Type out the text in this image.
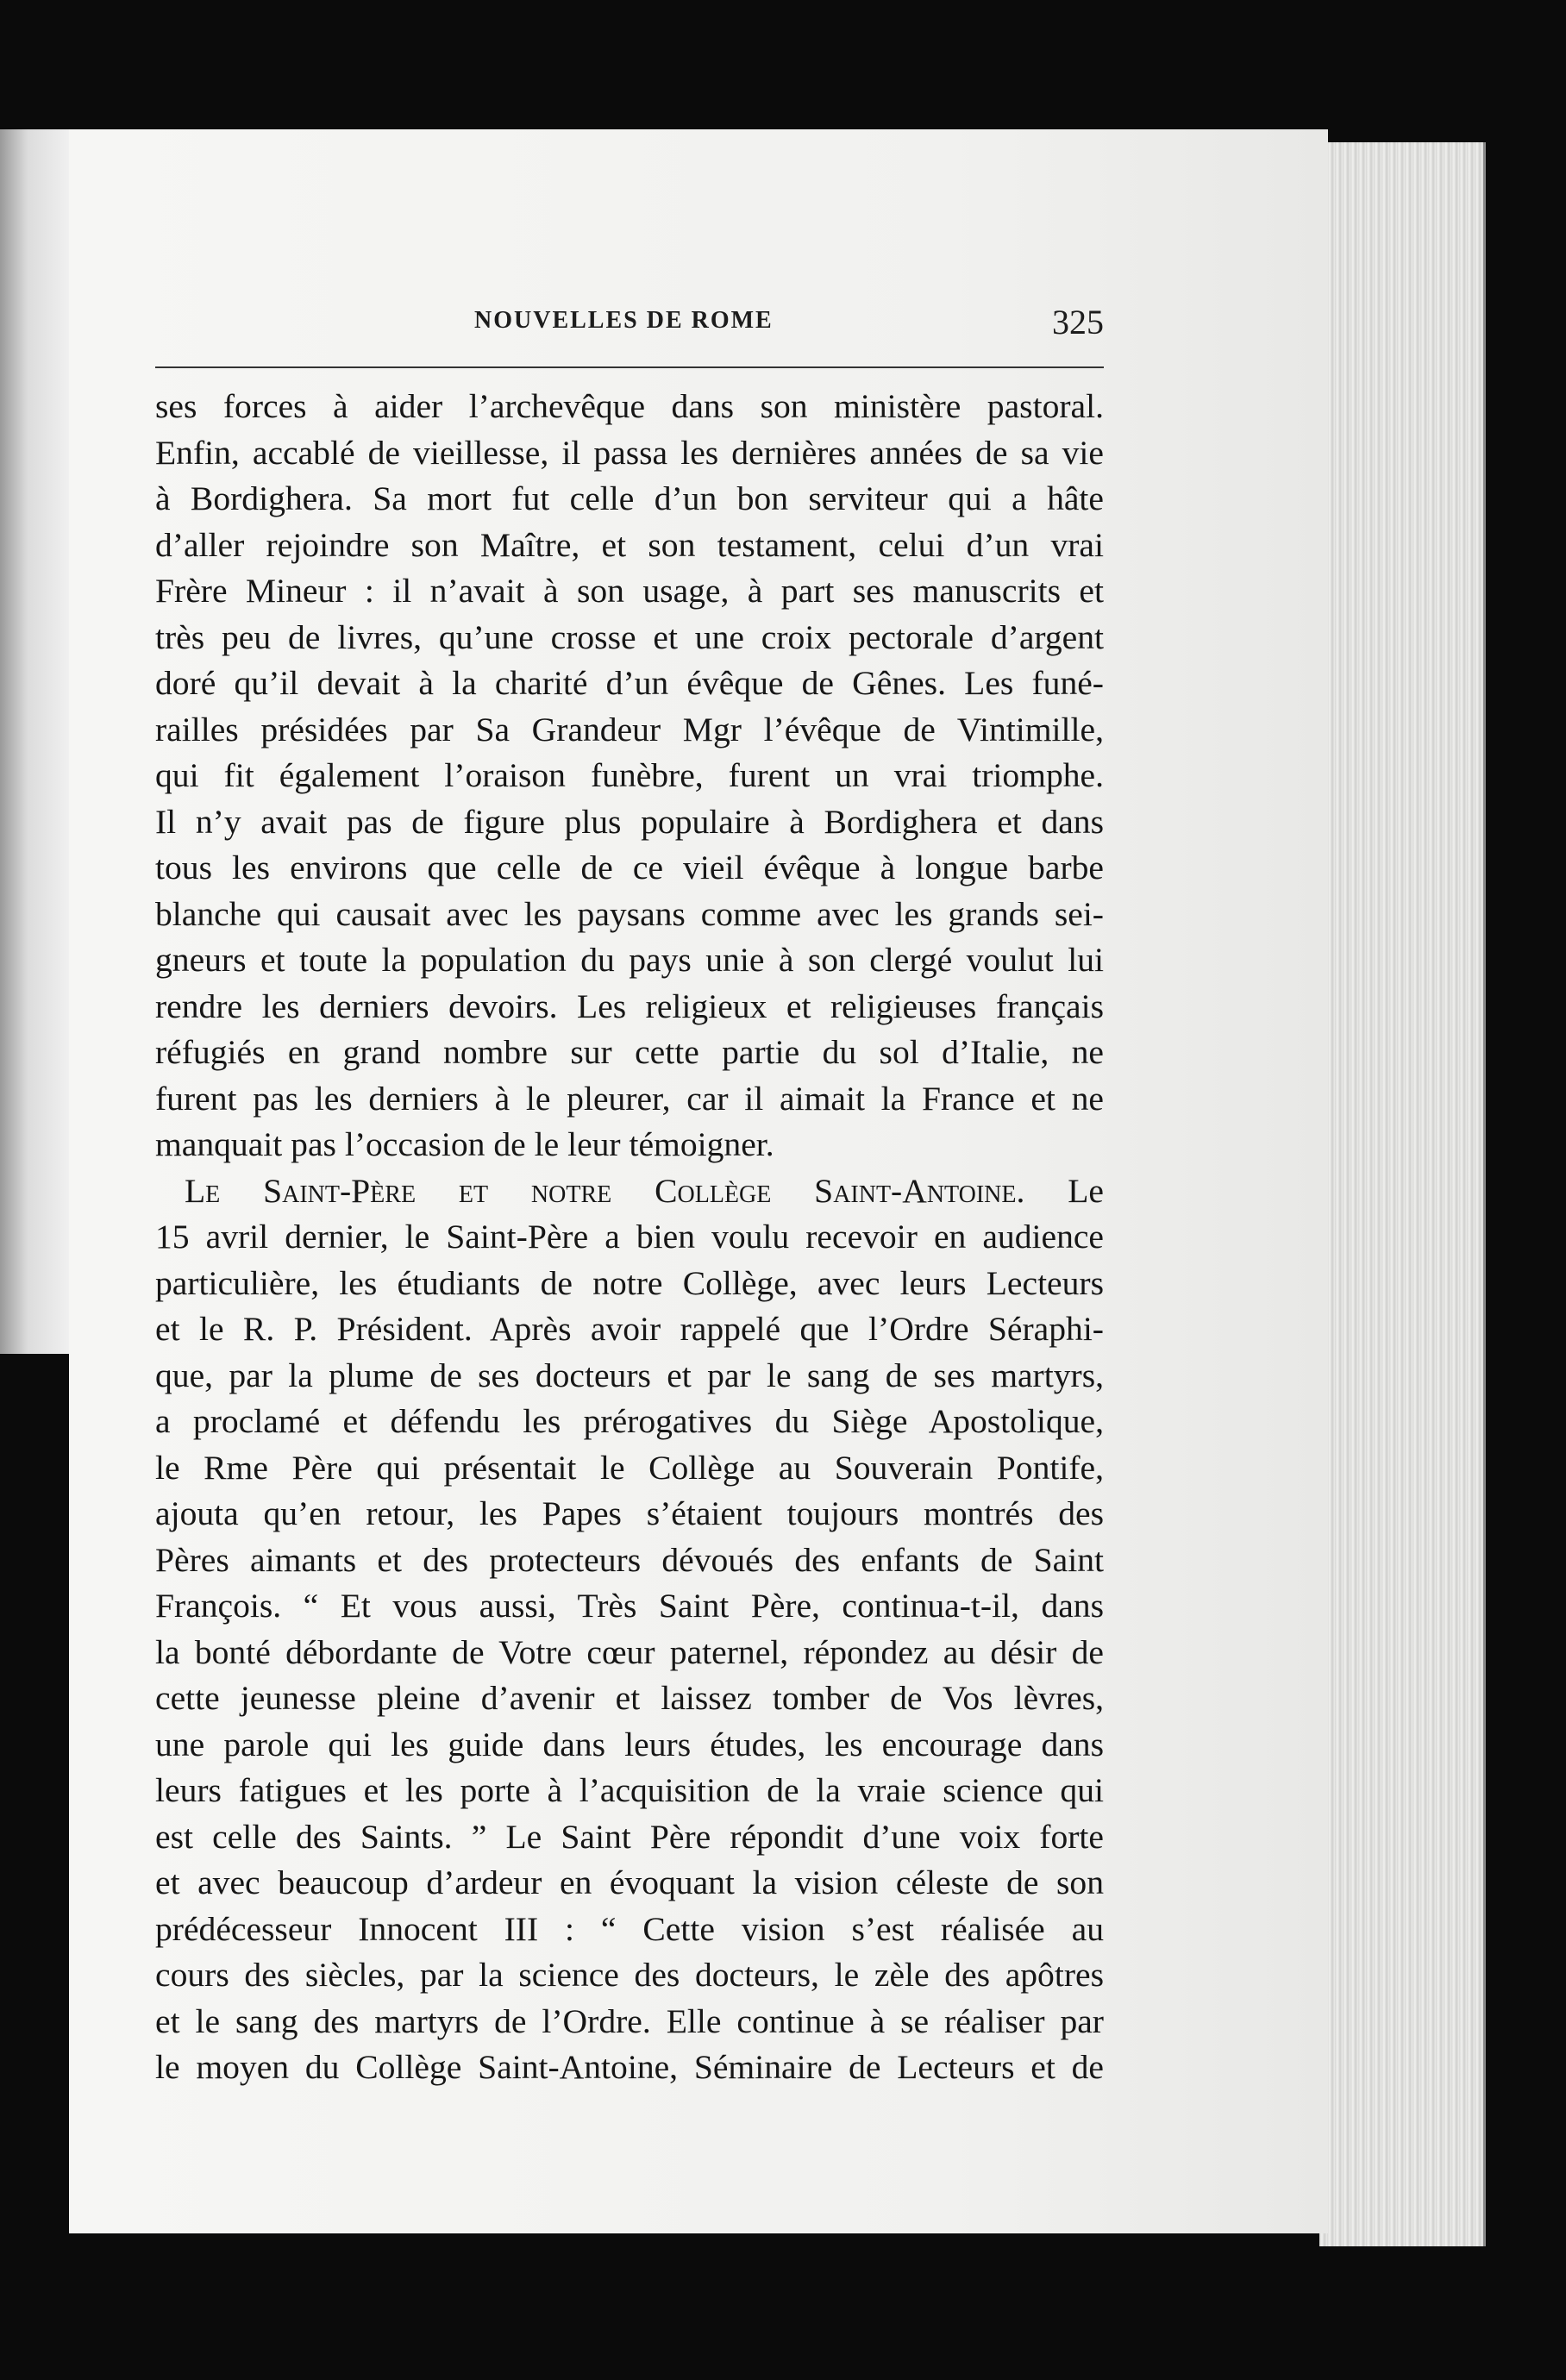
NOUVELLES DE ROME	325
ses forces à aider l’archevêque dans son ministère pastoral.
Enfin, accablé de vieillesse, il passa les dernières années de sa vie
à Bordighera. Sa mort fut celle d’un bon serviteur qui a hâte
d’aller rejoindre son Maître, et son testament, celui d’un vrai
Frère Mineur : il n’avait à son usage, à part ses manuscrits et
très peu de livres, qu’une crosse et une croix pectorale d’argent
doré qu’il devait à la charité d’un évêque de Gênes. Les funé-
railles présidées par Sa Grandeur Mgr l’évêque de Vintimille,
qui fit également l’oraison funèbre, furent un vrai triomphe.
Il n’y avait pas de figure plus populaire à Bordighera et dans
tous les environs que celle de ce vieil évêque à longue barbe
blanche qui causait avec les paysans comme avec les grands sei-
gneurs et toute la population du pays unie à son clergé voulut lui
rendre les derniers devoirs. Les religieux et religieuses français
réfugiés en grand nombre sur cette partie du sol d’Italie, ne
furent pas les derniers à le pleurer, car il aimait la France et ne
manquait pas l’occasion de le leur témoigner.
Le Saint-Père et notre Collège Saint-Antoine. Le
15 avril dernier, le Saint-Père a bien voulu recevoir en audience
particulière, les étudiants de notre Collège, avec leurs Lecteurs
et le R. P. Président. Après avoir rappelé que l’Ordre Séraphi-
que, par la plume de ses docteurs et par le sang de ses martyrs,
a proclamé et défendu les prérogatives du Siège Apostolique,
le Rme Père qui présentait le Collège au Souverain Pontife,
ajouta qu’en retour, les Papes s’étaient toujours montrés des
Pères aimants et des protecteurs dévoués des enfants de Saint
François. “ Et vous aussi, Très Saint Père, continua-t-il, dans
la bonté débordante de Votre cœur paternel, répondez au désir de
cette jeunesse pleine d’avenir et laissez tomber de Vos lèvres,
une parole qui les guide dans leurs études, les encourage dans
leurs fatigues et les porte à l’acquisition de la vraie science qui
est celle des Saints. ” Le Saint Père répondit d’une voix forte
et avec beaucoup d’ardeur en évoquant la vision céleste de son
prédécesseur Innocent III : “ Cette vision s’est réalisée au
cours des siècles, par la science des docteurs, le zèle des apôtres
et le sang des martyrs de l’Ordre. Elle continue à se réaliser par
le moyen du Collège Saint-Antoine, Séminaire de Lecteurs et de
